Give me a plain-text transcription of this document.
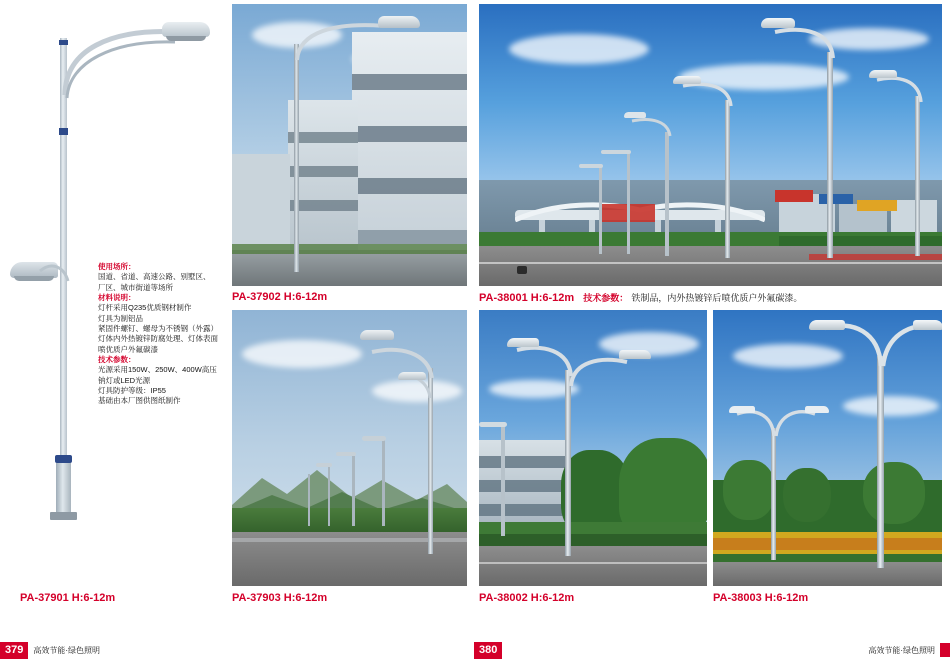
使用场所：

国道、省道、高速公路、别墅区、

厂区、城市街道等场所

材料说明：

灯杆采用Q235优质钢材制作

灯具为制铝品

紧固件螺钉、螺母为不锈钢（外露）

灯体内外热镀锌防腐处理、灯体表面

喷优质户外氟碳漆

技术参数：

光源采用150W、250W、400W高压

钠灯或LED光源

灯具防护等级：IP55

基础由本厂图供图纸制作

PA-37901 H:6-12m
PA-37902 H:6-12m
PA-37903 H:6-12m
PA-38001 H:6-12m 技术参数： 铁制品，内外热镀锌后喷优质户外氟碳漆。
PA-38002 H:6-12m	PA-38003 H:6-12m
379	高效节能·绿色照明	380	高效节能·绿色照明
